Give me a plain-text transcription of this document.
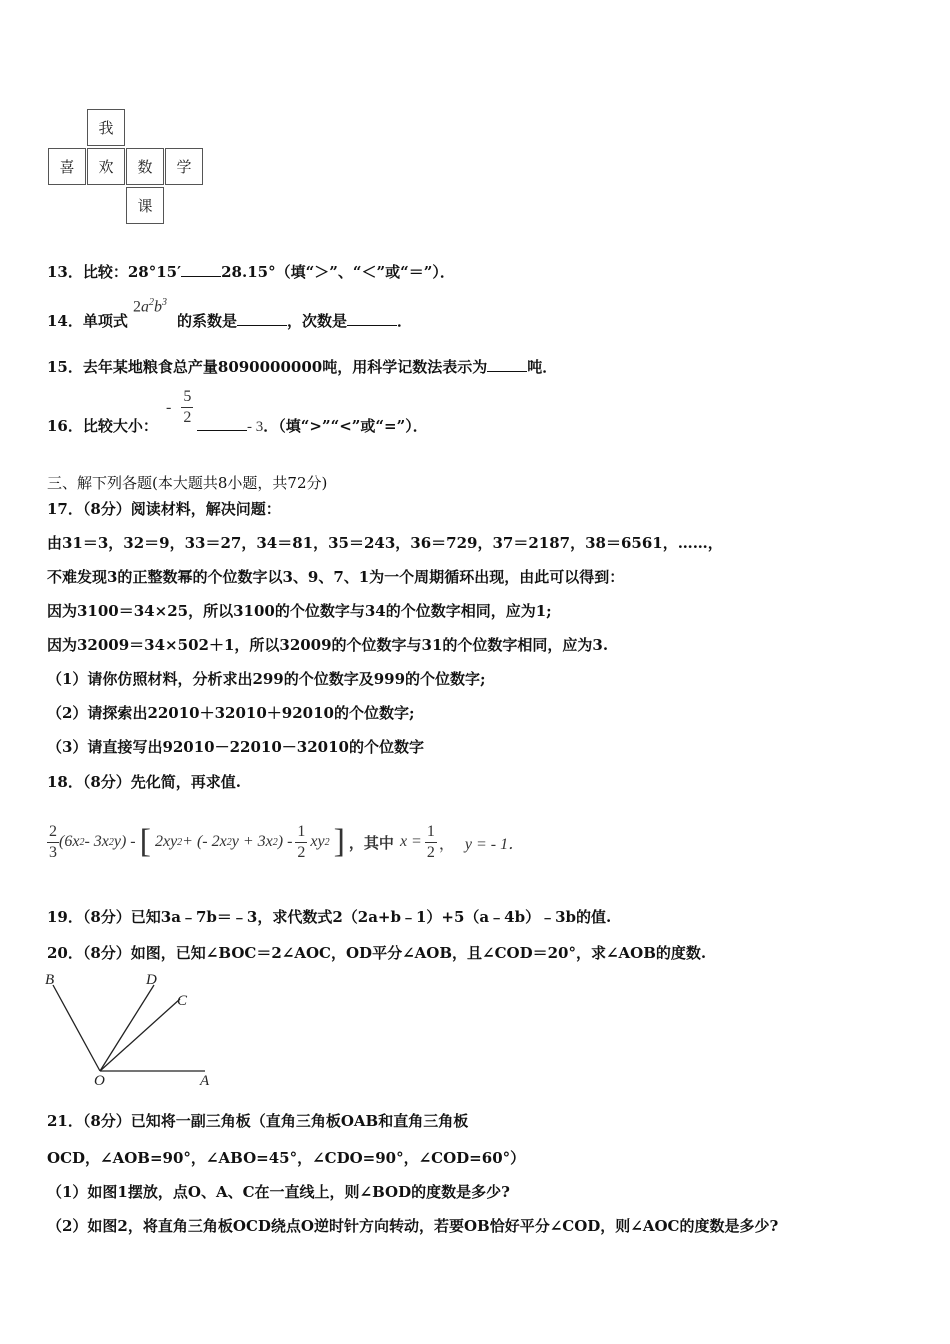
我
喜	欢	数	学
课
13．比较：28°15′	28.15°（填“＞”、“＜”或“＝”）．
14．单项式
$2a^2b^3$
的系数是	，次数是	．
15．去年某地粮食总产量8090000000吨，用科学记数法表示为	吨．
16．比较大小：
- $\frac{5}{2}$
- 3．（填“>”“<”或“=”）．
三、解下列各题(本大题共8小题，共72分)
17．（8分）阅读材料，解决问题：
由31＝3，32＝9，33＝27，34＝81，35＝243，36＝729，37＝2187，38＝6561，……，
不难发现3的正整数幂的个位数字以3、9、7、1为一个周期循环出现，由此可以得到：
因为3100＝34×25，所以3100的个位数字与34的个位数字相同，应为1;
因为32009＝34×502＋1，所以32009的个位数字与31的个位数字相同，应为3.
（1）请你仿照材料，分析求出299的个位数字及999的个位数字;
（2）请探索出22010＋32010＋92010的个位数字;
（3）请直接写出92010－22010－32010的个位数字
18．（8分）先化简，再求值.
$\frac{2}{3} (6x$ 2 - 3x 2 y) - [ 2xy 2 + (- 2x 2 y + 3x 2 ) - $\frac{1}{2}$ xy 2 ] ，其中 $x = \frac{1}{2}$ ， y = - 1．
19．（8分）已知3a﹣7b＝﹣3，求代数式2（2a+b﹣1）+5（a﹣4b）﹣3b的值.
20．（8分）如图，已知∠BOC＝2∠AOC，OD平分∠AOB，且∠COD＝20°，求∠AOB的度数.
B	D
C
O	A
21．（8分）已知将一副三角板（直角三角板OAB和直角三角板
OCD，∠AOB=90°，∠ABO=45°，∠CDO=90°，∠COD=60°）
（1）如图1摆放，点O、A、C在一直线上，则∠BOD的度数是多少?
（2）如图2，将直角三角板OCD绕点O逆时针方向转动，若要OB恰好平分∠COD，则∠AOC的度数是多少?
